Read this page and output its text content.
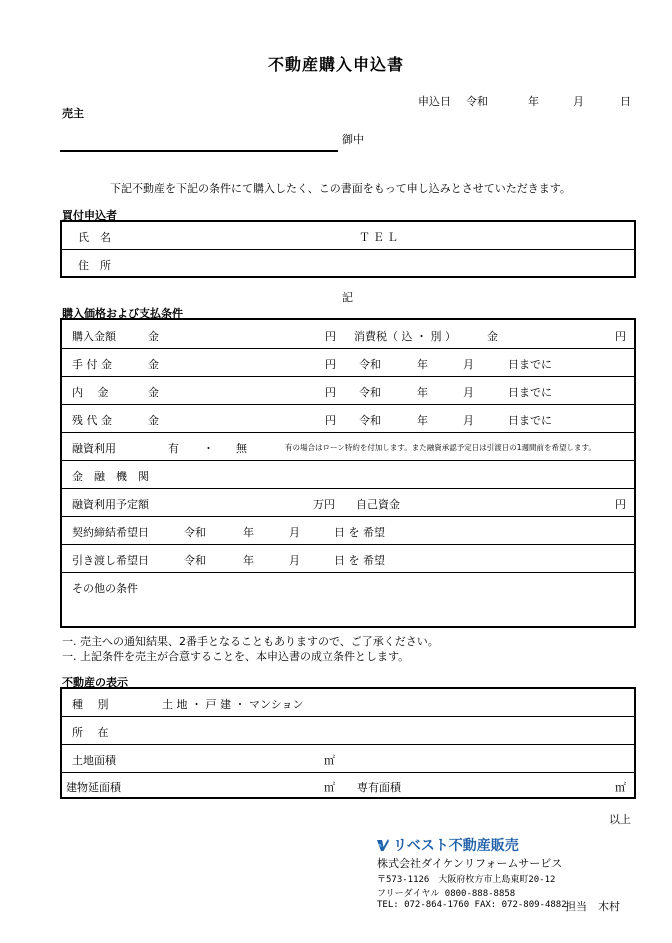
不動産購入申込書
申込日 令和	年	月	日
売主
御中
下記不動産を下記の条件にて購入したく、この書面をもって申し込みとさせていただきます。
買付申込者
氏　名	ＴＥＬ
住　所
記
購入価格および支払条件
購入金額	金	円 消費税（ 込 ・ 別 ）	金	円
手 付 金	金	円 令和	年	月	日までに
内　 金	金	円 令和	年	月	日までに
残 代 金	金	円 令和	年	月	日までに
融資利用	有 ・ 無	有の場合はローン特約を付加します。また融資承認予定日は引渡日の1週間前を希望します。
金　融　機　関
融資利用予定額	万円 自己資金	円
契約締結希望日	令和	年	月	日 を 希望
引き渡し希望日	令和	年	月	日 を 希望
その他の条件
一. 売主への通知結果、2番手となることもありますので、ご了承ください。
一. 上記条件を売主が合意することを、本申込書の成立条件とします。
不動産の表示
種　 別	土 地 ・ 戸 建 ・ マンション
所　 在
土地面積	㎡
建物延面積	㎡ 専有面積	㎡
以上
リベスト不動産販売
株式会社ダイケンリフォームサービス
〒573-1126　大阪府枚方市上島東町20-12
フリーダイヤル 0800-888-8858
TEL: 072-864-1760 FAX: 072-809-4882
担当　木村
